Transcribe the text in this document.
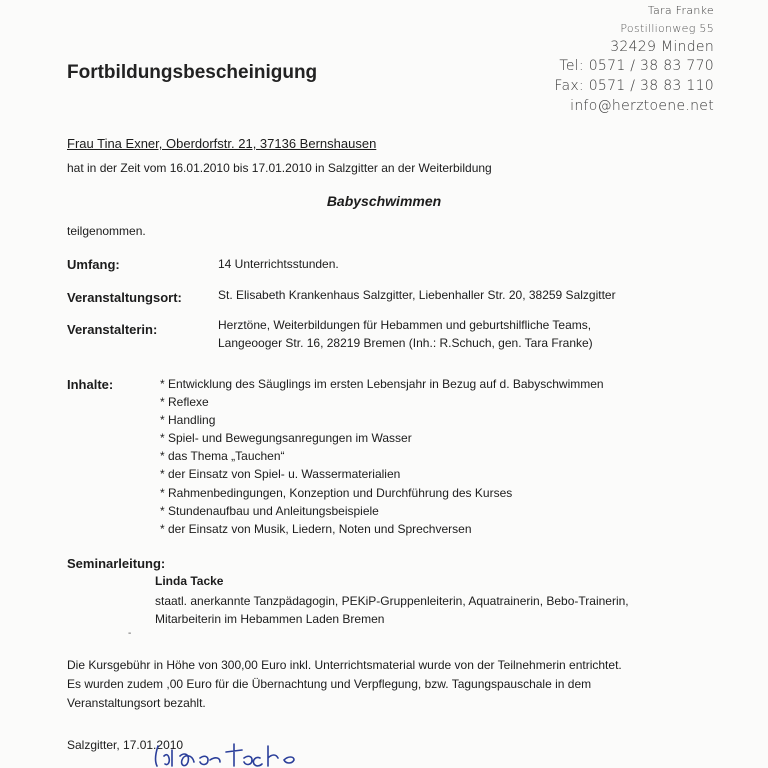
Tara Franke
Postillionweg 55
32429 Minden
Tel: 0571 / 38 83 770
Fax: 0571 / 38 83 110
info@herztoene.net
Fortbildungsbescheinigung
Frau Tina Exner, Oberdorfstr. 21, 37136 Bernshausen
hat in der Zeit vom 16.01.2010 bis 17.01.2010 in Salzgitter an der Weiterbildung
Babyschwimmen
teilgenommen.
Umfang:	14 Unterrichtsstunden.
Veranstaltungsort:	St. Elisabeth Krankenhaus Salzgitter, Liebenhaller Str. 20, 38259 Salzgitter
Veranstalterin:	Herztöne, Weiterbildungen für Hebammen und geburtshilfliche Teams,
Langeooger Str. 16, 28219 Bremen (Inh.: R.Schuch, gen. Tara Franke)
Inhalte:	* Entwicklung des Säuglings im ersten Lebensjahr in Bezug auf d. Babyschwimmen
* Reflexe
* Handling
* Spiel- und Bewegungsanregungen im Wasser
* das Thema „Tauchen“
* der Einsatz von Spiel- u. Wassermaterialien
* Rahmenbedingungen, Konzeption und Durchführung des Kurses
* Stundenaufbau und Anleitungsbeispiele
* der Einsatz von Musik, Liedern, Noten und Sprechversen
Seminarleitung:
Linda Tacke
staatl. anerkannte Tanzpädagogin, PEKiP-Gruppenleiterin, Aquatrainerin, Bebo-Trainerin,
Mitarbeiterin im Hebammen Laden Bremen
-
Die Kursgebühr in Höhe von 300,00 Euro inkl. Unterrichtsmaterial wurde von der Teilnehmerin entrichtet.
Es wurden zudem ,00 Euro für die Übernachtung und Verpflegung, bzw. Tagungspauschale in dem
Veranstaltungsort bezahlt.
Salzgitter, 17.01.2010
